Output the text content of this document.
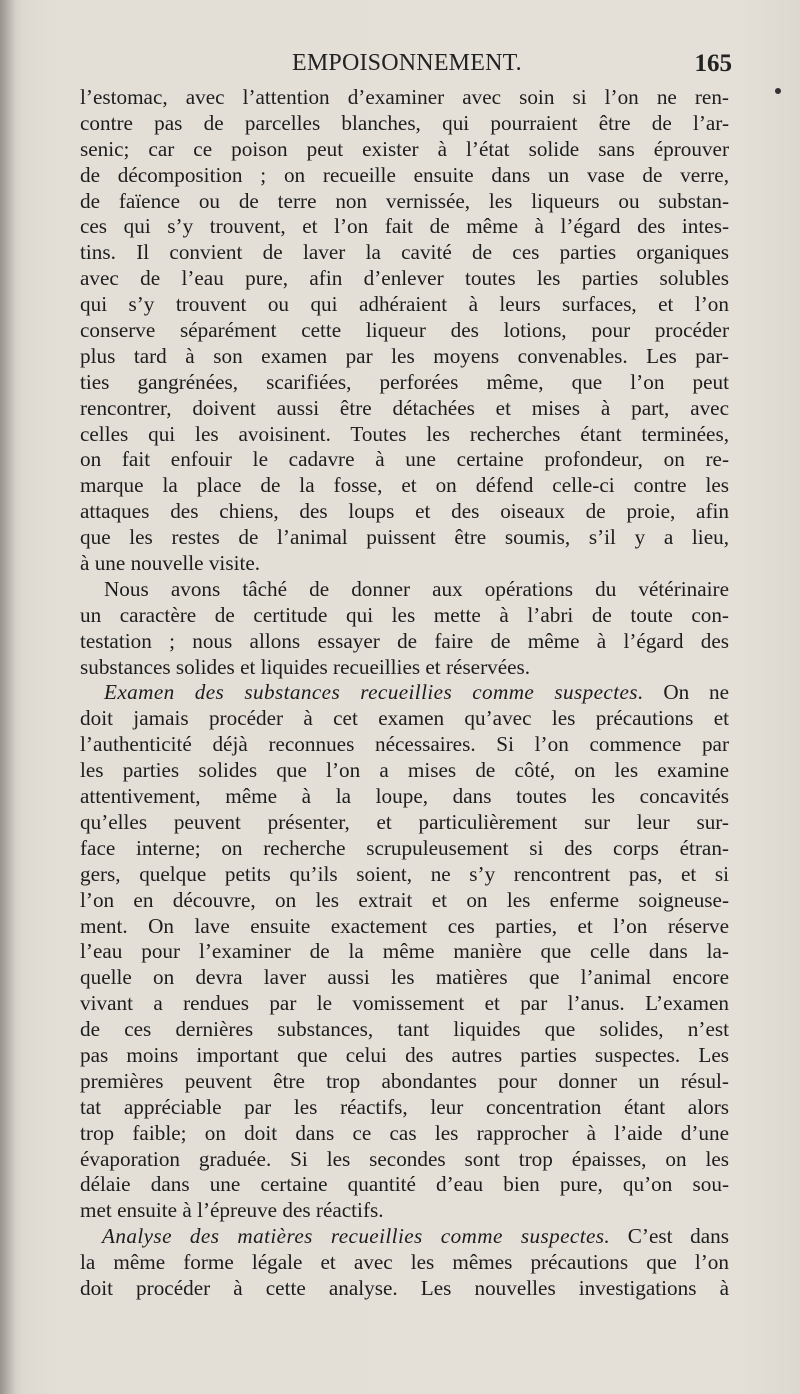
EMPOISONNEMENT.	165
l’estomac, avec l’attention d’examiner avec soin si l’on ne ren-
contre pas de parcelles blanches, qui pourraient être de l’ar-
senic; car ce poison peut exister à l’état solide sans éprouver
de décomposition ; on recueille ensuite dans un vase de verre,
de faïence ou de terre non vernissée, les liqueurs ou substan-
ces qui s’y trouvent, et l’on fait de même à l’égard des intes-
tins. Il convient de laver la cavité de ces parties organiques
avec de l’eau pure, afin d’enlever toutes les parties solubles
qui s’y trouvent ou qui adhéraient à leurs surfaces, et l’on
conserve séparément cette liqueur des lotions, pour procéder
plus tard à son examen par les moyens convenables. Les par-
ties gangrénées, scarifiées, perforées même, que l’on peut
rencontrer, doivent aussi être détachées et mises à part, avec
celles qui les avoisinent. Toutes les recherches étant terminées,
on fait enfouir le cadavre à une certaine profondeur, on re-
marque la place de la fosse, et on défend celle-ci contre les
attaques des chiens, des loups et des oiseaux de proie, afin
que les restes de l’animal puissent être soumis, s’il y a lieu,
à une nouvelle visite.
Nous avons tâché de donner aux opérations du vétérinaire
un caractère de certitude qui les mette à l’abri de toute con-
testation ; nous allons essayer de faire de même à l’égard des
substances solides et liquides recueillies et réservées.
Examen des substances recueillies comme suspectes. On ne
doit jamais procéder à cet examen qu’avec les précautions et
l’authenticité déjà reconnues nécessaires. Si l’on commence par
les parties solides que l’on a mises de côté, on les examine
attentivement, même à la loupe, dans toutes les concavités
qu’elles peuvent présenter, et particulièrement sur leur sur-
face interne; on recherche scrupuleusement si des corps étran-
gers, quelque petits qu’ils soient, ne s’y rencontrent pas, et si
l’on en découvre, on les extrait et on les enferme soigneuse-
ment. On lave ensuite exactement ces parties, et l’on réserve
l’eau pour l’examiner de la même manière que celle dans la-
quelle on devra laver aussi les matières que l’animal encore
vivant a rendues par le vomissement et par l’anus. L’examen
de ces dernières substances, tant liquides que solides, n’est
pas moins important que celui des autres parties suspectes. Les
premières peuvent être trop abondantes pour donner un résul-
tat appréciable par les réactifs, leur concentration étant alors
trop faible; on doit dans ce cas les rapprocher à l’aide d’une
évaporation graduée. Si les secondes sont trop épaisses, on les
délaie dans une certaine quantité d’eau bien pure, qu’on sou-
met ensuite à l’épreuve des réactifs.
Analyse des matières recueillies comme suspectes. C’est dans
la même forme légale et avec les mêmes précautions que l’on
doit procéder à cette analyse. Les nouvelles investigations à
